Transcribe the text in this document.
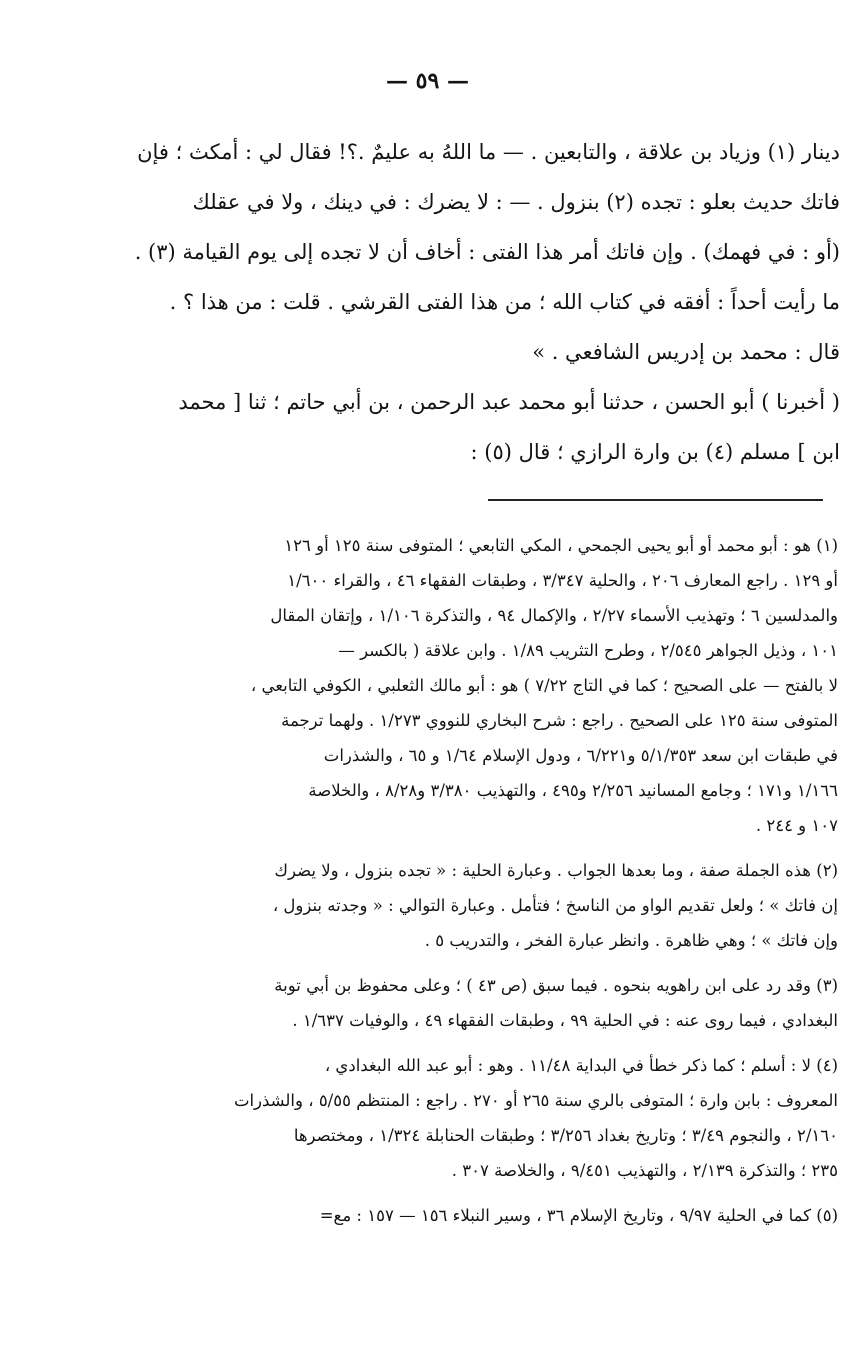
— ٥٩ —
دينار (١) وزياد بن علاقة ، والتابعين . — ما اللهُ به عليمٌ .؟! فقال لي : أمكث ؛ فإن
فاتك حديث بعلو : تجده (٢) بنزول . — : لا يضرك : في دينك ، ولا في عقلك
(أو : في فهمك) . وإن فاتك أمر هذا الفتى : أخاف أن لا تجده إلى يوم القيامة (٣) .
ما رأيت أحداً : أفقه في كتاب الله ؛ من هذا الفتى القرشي . قلت : من هذا ؟ .
قال : محمد بن إدريس الشافعي . »
( أخبرنا ) أبو الحسن ، حدثنا أبو محمد عبد الرحمن ، بن أبي حاتم ؛ ثنا [ محمد
ابن ] مسلم (٤) بن وارة الرازي ؛ قال (٥) :
(١) هو : أبو محمد أو أبو يحيى الجمحي ، المكي التابعي ؛ المتوفى سنة ١٢٥ أو ١٢٦
أو ١٢٩ . راجع المعارف ٢٠٦ ، والحلية ٣/٣٤٧ ، وطبقات الفقهاء ٤٦ ، والقراء ١/٦٠٠
والمدلسين ٦ ؛ وتهذيب الأسماء ٢/٢٧ ، والإكمال ٩٤ ، والتذكرة ١/١٠٦ ، وإتقان المقال
١٠١ ، وذيل الجواهر ٢/٥٤٥ ، وطرح التثريب ١/٨٩ . وابن علاقة ( بالكسر —
لا بالفتح — على الصحيح ؛ كما في التاج ٧/٢٢ ) هو : أبو مالك الثعلبي ، الكوفي التابعي ،
المتوفى سنة ١٢٥ على الصحيح . راجع : شرح البخاري للنووي ١/٢٧٣ . ولهما ترجمة
في طبقات ابن سعد ٥/١/٣٥٣ و٦/٢٢١ ، ودول الإسلام ١/٦٤ و ٦٥ ، والشذرات
١/١٦٦ و١٧١ ؛ وجامع المسانيد ٢/٢٥٦ و٤٩٥ ، والتهذيب ٣/٣٨٠ و٨/٢٨ ، والخلاصة
١٠٧ و ٢٤٤ .
(٢) هذه الجملة صفة ، وما بعدها الجواب . وعبارة الحلية : « تجده بنزول ، ولا يضرك
إن فاتك » ؛ ولعل تقديم الواو من الناسخ ؛ فتأمل . وعبارة التوالي : « وجدته بنزول ،
وإن فاتك » ؛ وهي ظاهرة . وانظر عبارة الفخر ، والتدريب ٥ .
(٣) وقد رد على ابن راهويه بنحوه . فيما سبق (ص ٤٣ ) ؛ وعلى محفوظ بن أبي توبة
البغدادي ، فيما روى عنه : في الحلية ٩٩ ، وطبقات الفقهاء ٤٩ ، والوفيات ١/٦٣٧ .
(٤) لا : أسلم ؛ كما ذكر خطأ في البداية ١١/٤٨ . وهو : أبو عبد الله البغدادي ،
المعروف : بابن وارة ؛ المتوفى بالري سنة ٢٦٥ أو ٢٧٠ . راجع : المنتظم ٥/٥٥ ، والشذرات
٢/١٦٠ ، والنجوم ٣/٤٩ ؛ وتاريخ بغداد ٣/٢٥٦ ؛ وطبقات الحنابلة ١/٣٢٤ ، ومختصرها
٢٣٥ ؛ والتذكرة ٢/١٣٩ ، والتهذيب ٩/٤٥١ ، والخلاصة ٣٠٧ .
(٥) كما في الحلية ٩/٩٧ ، وتاريخ الإسلام ٣٦ ، وسير النبلاء ١٥٦ — ١٥٧ : مع=
